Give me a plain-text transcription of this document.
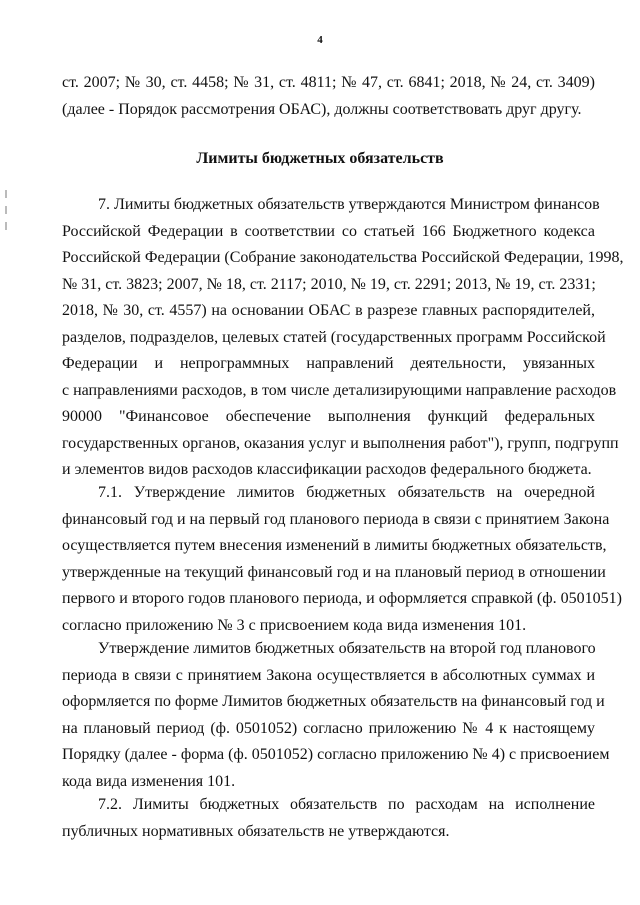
4
ст. 2007; № 30, ст. 4458; № 31, ст. 4811; № 47, ст. 6841; 2018, № 24, ст. 3409)
(далее - Порядок рассмотрения ОБАС), должны соответствовать друг другу.
Лимиты бюджетных обязательств
7. Лимиты бюджетных обязательств утверждаются Министром финансов
Российской Федерации в соответствии со статьей 166 Бюджетного кодекса
Российской Федерации (Собрание законодательства Российской Федерации, 1998,
№ 31, ст. 3823; 2007, № 18, ст. 2117; 2010, № 19, ст. 2291; 2013, № 19, ст. 2331;
2018, № 30, ст. 4557) на основании ОБАС в разрезе главных распорядителей,
разделов, подразделов, целевых статей (государственных программ Российской
Федерации и непрограммных направлений деятельности, увязанных
с направлениями расходов, в том числе детализирующими направление расходов
90000 "Финансовое обеспечение выполнения функций федеральных
государственных органов, оказания услуг и выполнения работ"), групп, подгрупп
и элементов видов расходов классификации расходов федерального бюджета.
7.1. Утверждение лимитов бюджетных обязательств на очередной
финансовый год и на первый год планового периода в связи с принятием Закона
осуществляется путем внесения изменений в лимиты бюджетных обязательств,
утвержденные на текущий финансовый год и на плановый период в отношении
первого и второго годов планового периода, и оформляется справкой (ф. 0501051)
согласно приложению № 3 с присвоением кода вида изменения 101.
Утверждение лимитов бюджетных обязательств на второй год планового
периода в связи с принятием Закона осуществляется в абсолютных суммах и
оформляется по форме Лимитов бюджетных обязательств на финансовый год и
на плановый период (ф. 0501052) согласно приложению № 4 к настоящему
Порядку (далее - форма (ф. 0501052) согласно приложению № 4) с присвоением
кода вида изменения 101.
7.2. Лимиты бюджетных обязательств по расходам на исполнение
публичных нормативных обязательств не утверждаются.
